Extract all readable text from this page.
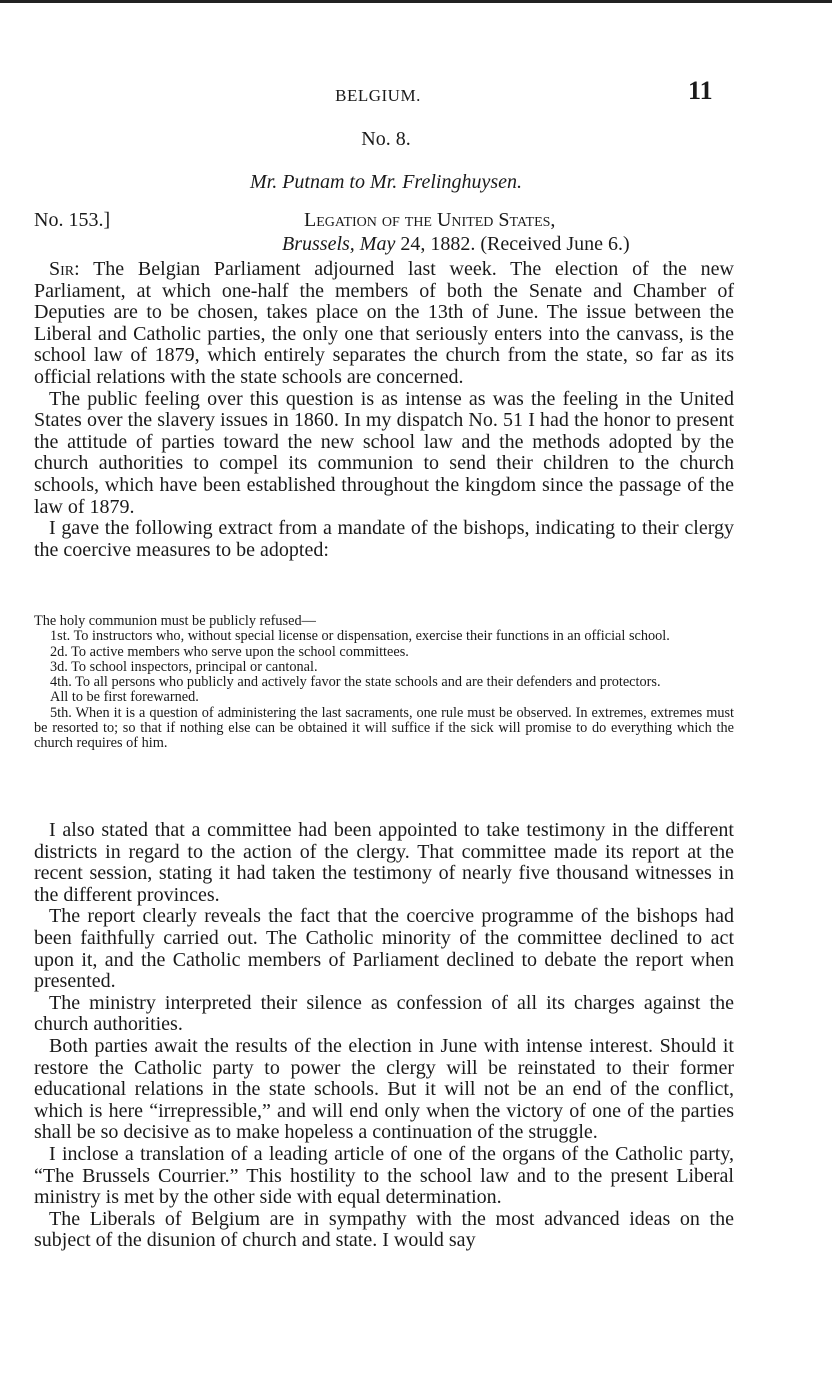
BELGIUM.	11
No. 8.
Mr. Putnam to Mr. Frelinghuysen.
No. 153.]	Legation of the United States,
Brussels, May 24, 1882. (Received June 6.)

Sir: The Belgian Parliament adjourned last week. The election of the new Parliament, at which one-half the members of both the Senate and Chamber of Deputies are to be chosen, takes place on the 13th of June. The issue between the Liberal and Catholic parties, the only one that seriously enters into the canvass, is the school law of 1879, which entirely separates the church from the state, so far as its official relations with the state schools are concerned.

The public feeling over this question is as intense as was the feeling in the United States over the slavery issues in 1860. In my dispatch No. 51 I had the honor to present the attitude of parties toward the new school law and the methods adopted by the church authorities to compel its communion to send their children to the church schools, which have been established throughout the kingdom since the passage of the law of 1879.

I gave the following extract from a mandate of the bishops, indicating to their clergy the coercive measures to be adopted:

The holy communion must be publicly refused—

1st. To instructors who, without special license or dispensation, exercise their functions in an official school.

2d. To active members who serve upon the school committees.

3d. To school inspectors, principal or cantonal.

4th. To all persons who publicly and actively favor the state schools and are their defenders and protectors.

All to be first forewarned.

5th. When it is a question of administering the last sacraments, one rule must be observed. In extremes, extremes must be resorted to; so that if nothing else can be obtained it will suffice if the sick will promise to do everything which the church requires of him.

I also stated that a committee had been appointed to take testimony in the different districts in regard to the action of the clergy. That committee made its report at the recent session, stating it had taken the testimony of nearly five thousand witnesses in the different provinces.

The report clearly reveals the fact that the coercive programme of the bishops had been faithfully carried out. The Catholic minority of the committee declined to act upon it, and the Catholic members of Parliament declined to debate the report when presented.

The ministry interpreted their silence as confession of all its charges against the church authorities.

Both parties await the results of the election in June with intense interest. Should it restore the Catholic party to power the clergy will be reinstated to their former educational relations in the state schools. But it will not be an end of the conflict, which is here “irrepressible,” and will end only when the victory of one of the parties shall be so decisive as to make hopeless a continuation of the struggle.

I inclose a translation of a leading article of one of the organs of the Catholic party, “The Brussels Courrier.” This hostility to the school law and to the present Liberal ministry is met by the other side with equal determination.

The Liberals of Belgium are in sympathy with the most advanced ideas on the subject of the disunion of church and state. I would say
